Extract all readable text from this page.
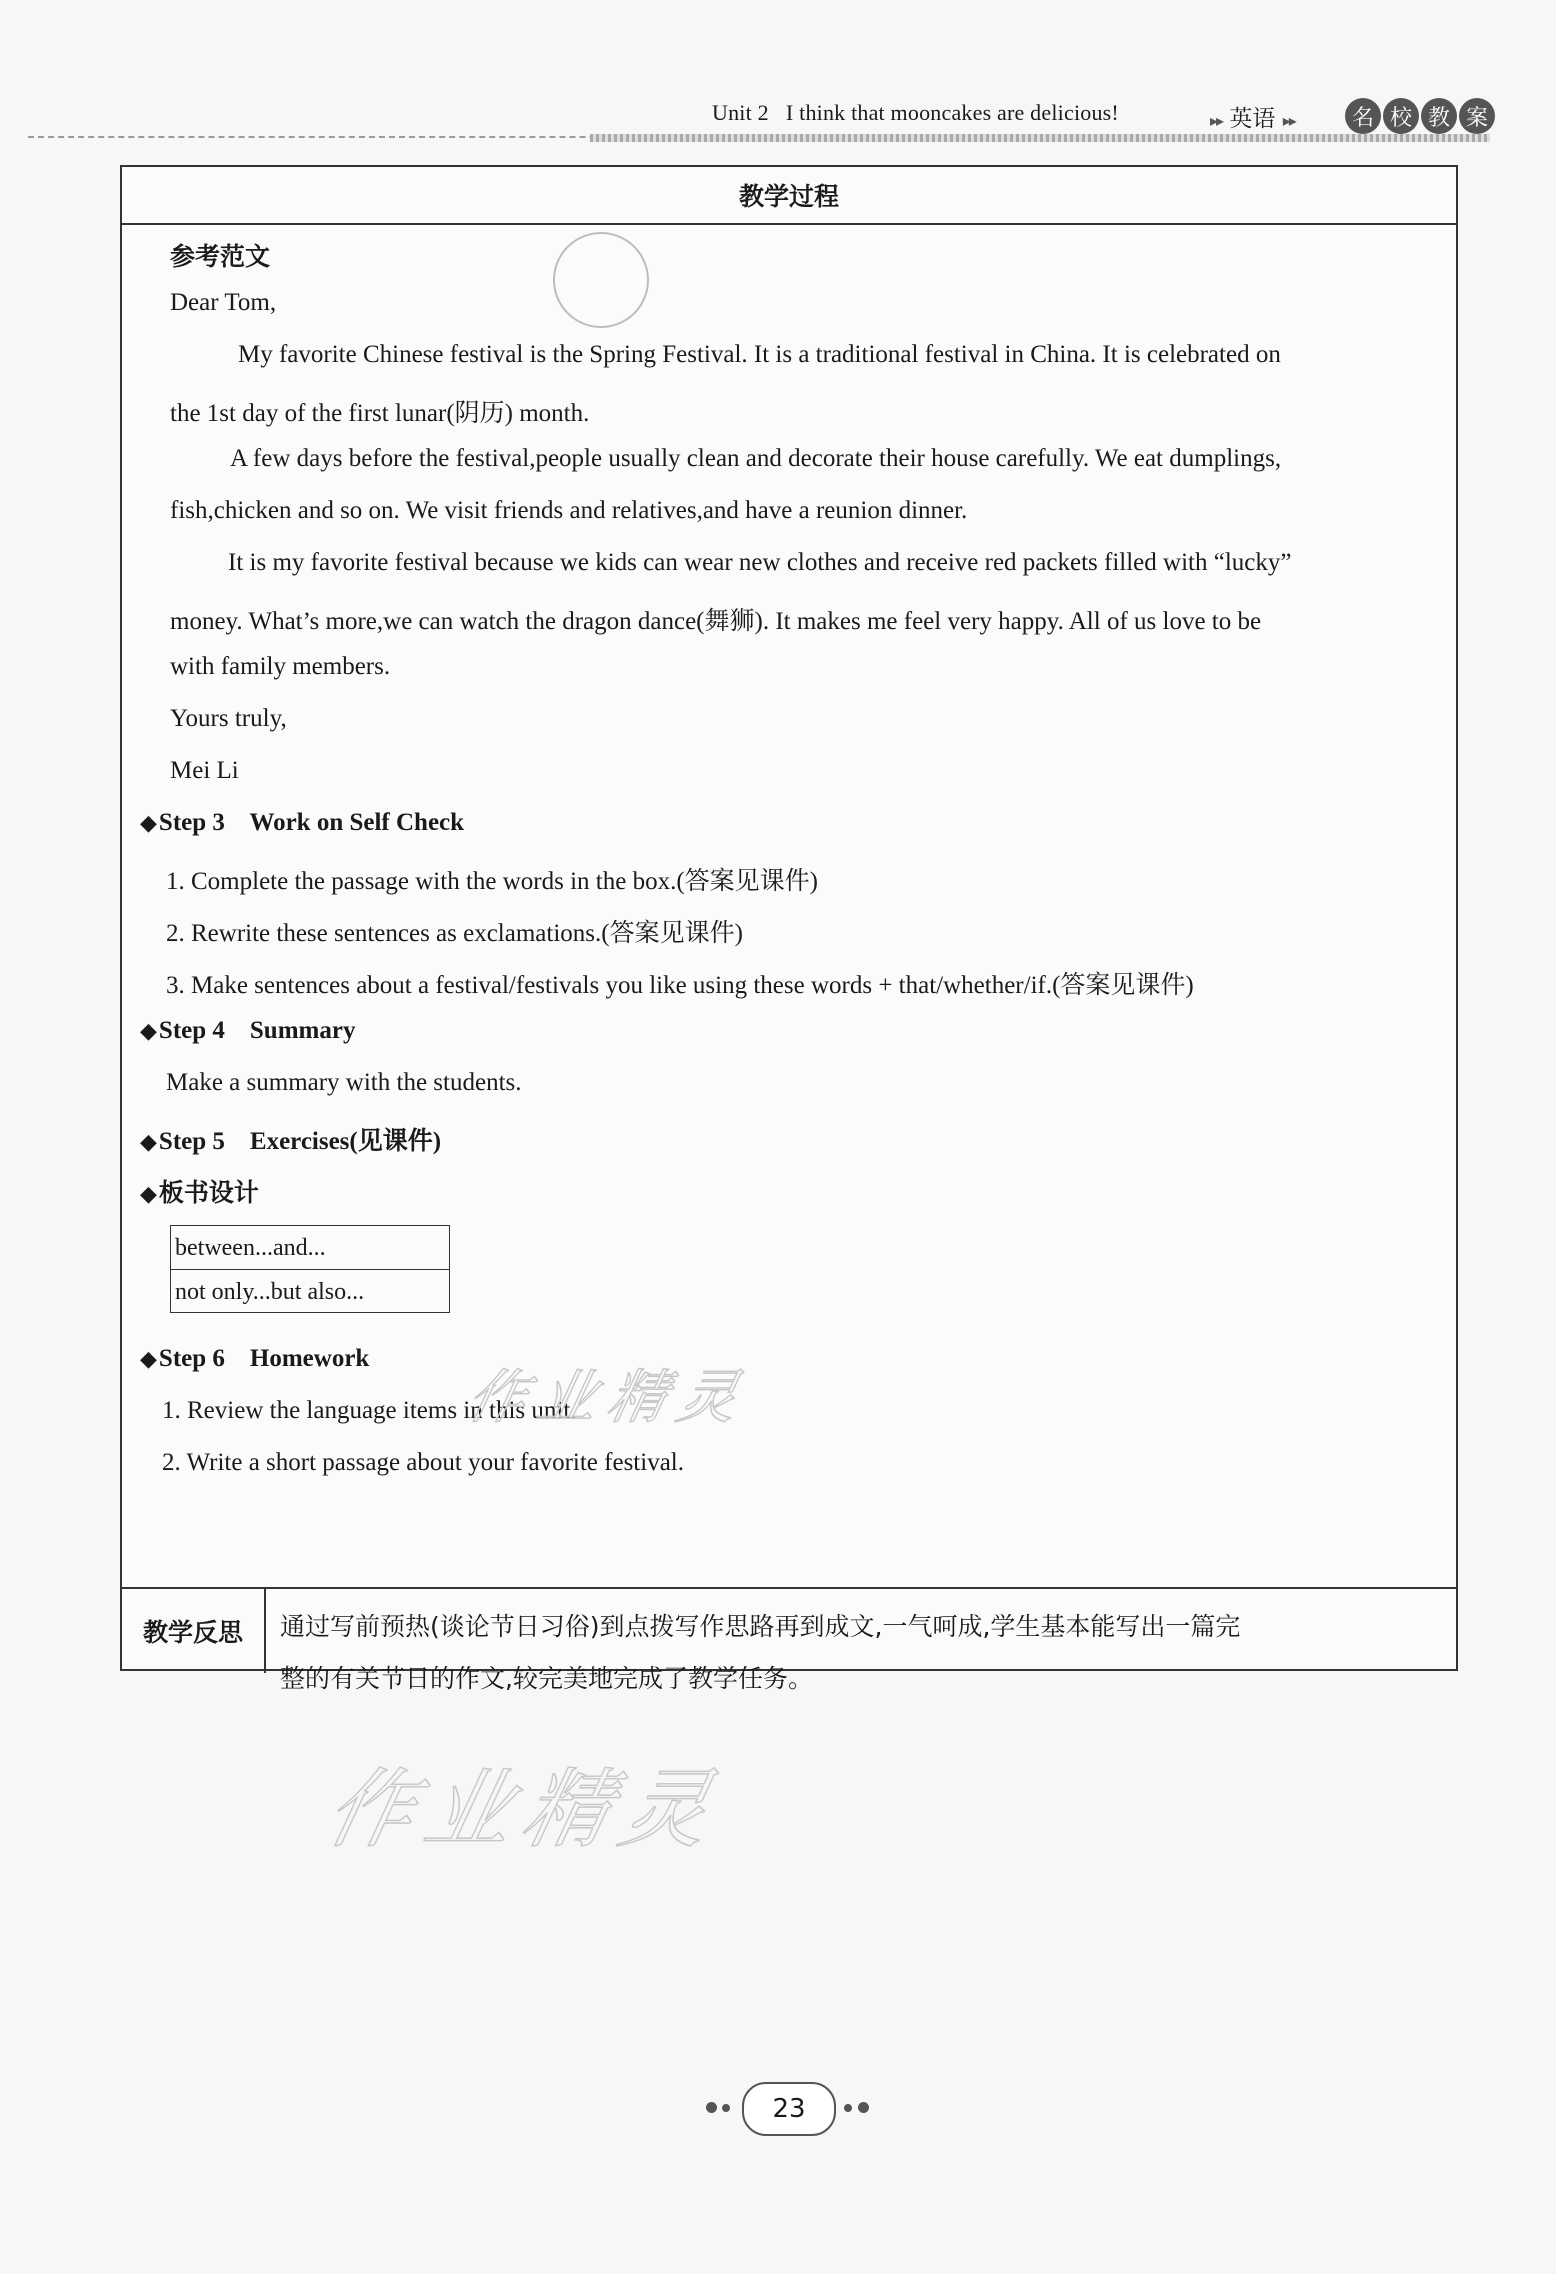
Unit 2 I think that mooncakes are delicious!	▸▸ 英语 ▸▸	名 校 教 案
教学过程
参考范文
Dear Tom,
My favorite Chinese festival is the Spring Festival. It is a traditional festival in China. It is celebrated on
the 1st day of the first lunar(阴历) month.
A few days before the festival,people usually clean and decorate their house carefully. We eat dumplings,
fish,chicken and so on. We visit friends and relatives,and have a reunion dinner.
It is my favorite festival because we kids can wear new clothes and receive red packets filled with “lucky”
money. What’s more,we can watch the dragon dance(舞狮). It makes me feel very happy. All of us love to be
with family members.
Yours truly,
Mei Li
◆Step 3    Work on Self Check
1. Complete the passage with the words in the box.(答案见课件)
2. Rewrite these sentences as exclamations.(答案见课件)
3. Make sentences about a festival/festivals you like using these words + that/whether/if.(答案见课件)
◆Step 4    Summary
Make a summary with the students.
◆Step 5    Exercises(见课件)
◆板书设计
between...and...
not only...but also...
◆Step 6    Homework
1. Review the language items in this unit.
2. Write a short passage about your favorite festival.
教学反思	通过写前预热(谈论节日习俗)到点拨写作思路再到成文,一气呵成,学生基本能写出一篇完
整的有关节日的作文,较完美地完成了教学任务。
作业精灵
作业精灵
23
